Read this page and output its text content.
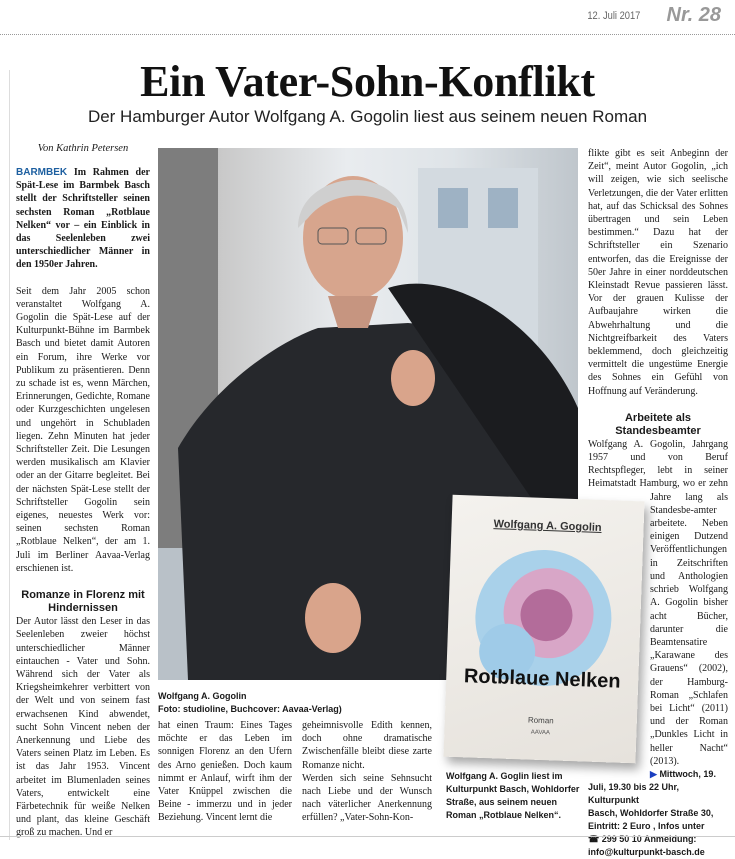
12. Juli 2017 Nr. 28
Ein Vater-Sohn-Konflikt
Der Hamburger Autor Wolfgang A. Gogolin liest aus seinem neuen Roman
Von Kathrin Petersen

BARMBEK Im Rahmen der Spät-Lese im Barmbek Basch stellt der Schriftsteller seinen sechsten Roman „Rotblaue Nelken“ vor – ein Einblick in das Seelenleben zwei unterschiedlicher Männer in den 1950er Jahren.

Seit dem Jahr 2005 schon veranstaltet Wolfgang A. Gogolin die Spät-Lese auf der Kulturpunkt-Bühne im Barmbek Basch und bietet damit Autoren ein Forum, ihre Werke vor Publikum zu präsentieren. Denn zu schade ist es, wenn Märchen, Erinnerungen, Gedichte, Romane oder Kurzgeschichten ungelesen und ungehört in Schubladen liegen. Zehn Minuten hat jeder Schriftsteller Zeit. Die Lesungen werden musikalisch am Klavier oder an der Gitarre begleitet. Bei der nächsten Spät-Lese stellt der Schriftsteller Gogolin sein eigenes, neuestes Werk vor: seinen sechsten Roman „Rotblaue Nelken“, der am 1. Juli im Berliner Aavaa-Verlag erschienen ist.

Romanze in Florenz mit Hindernissen

Der Autor lässt den Leser in das Seelenleben zweier höchst unterschiedlicher Männer eintauchen - Vater und Sohn. Während sich der Vater als Kriegsheimkehrer verbittert von der Welt und von seinem fast erwachsenen Kind abwendet, sucht Sohn Vincent neben der Anerkennung und Liebe des Vaters seinen Platz im Leben. Es ist das Jahr 1953. Vincent arbeitet im Blumenladen seines Vaters, entwickelt eine Färbetechnik für weiße Nelken und plant, das kleine Geschäft groß zu machen. Und er

Wolfgang A. Gogolin
Rotblaue Nelken
Roman
AAVAA
Wolfgang A. Gogolin
Foto: studioline, Buchcover: Aavaa-Verlag)
hat einen Traum: Eines Tages möchte er das Leben im sonnigen Florenz an den Ufern des Arno genießen. Doch kaum nimmt er Anlauf, wirft ihm der Vater Knüppel zwischen die Beine - immerzu und in jeder Beziehung. Vincent lernt die

geheimnisvolle Edith kennen, doch ohne dramatische Zwischenfälle bleibt diese zarte Romanze nicht.

Werden sich seine Sehnsucht nach Liebe und der Wunsch nach väterlicher Anerkennung erfüllen? „Vater-Sohn-Kon-

Wolfgang A. Goglin liest im Kulturpunkt Basch, Wohldorfer Straße, aus seinem neuen Roman „Rotblaue Nelken“.

flikte gibt es seit Anbeginn der Zeit“, meint Autor Gogolin, „ich will zeigen, wie sich seelische Verletzungen, die der Vater erlitten hat, auf das Schicksal des Sohnes übertragen und sein Leben bestimmen.“ Dazu hat der Schriftsteller ein Szenario entworfen, das die Ereignisse der 50er Jahre in einer norddeutschen Kleinstadt Revue passieren lässt. Vor der grauen Kulisse der Aufbaujahre wirken die Abwehrhaltung und die Nichtgreifbarkeit des Vaters beklemmend, doch gleichzeitig vermittelt die ungestüme Energie des Sohnes ein Gefühl von Hoffnung auf Veränderung.

Arbeitete als Standesbeamter

Wolfgang A. Gogolin, Jahrgang 1957 und von Beruf Rechtspfleger, lebt in seiner Heimatstadt Hamburg, wo er zehn Jahre lang als Standesbe-amter arbeitete. Neben einigen Dutzend Veröffentlichungen in Zeitschriften und Anthologien schrieb Wolfgang A. Gogolin bisher acht Bücher, darunter die Beamtensatire „Karawane des Grauens“ (2002), der Hamburg-Roman „Schlafen bei Licht“ (2011) und der Roman „Dunkles Licht in heller Nacht“ (2013).

▶ Mittwoch, 19. Juli, 19.30 bis 22 Uhr, Kulturpunkt
Basch, Wohldorfer Straße 30, Eintritt: 2 Euro , Infos unter
☎ 299 50 10 Anmeldung:
info@kulturpunkt-basch.de
